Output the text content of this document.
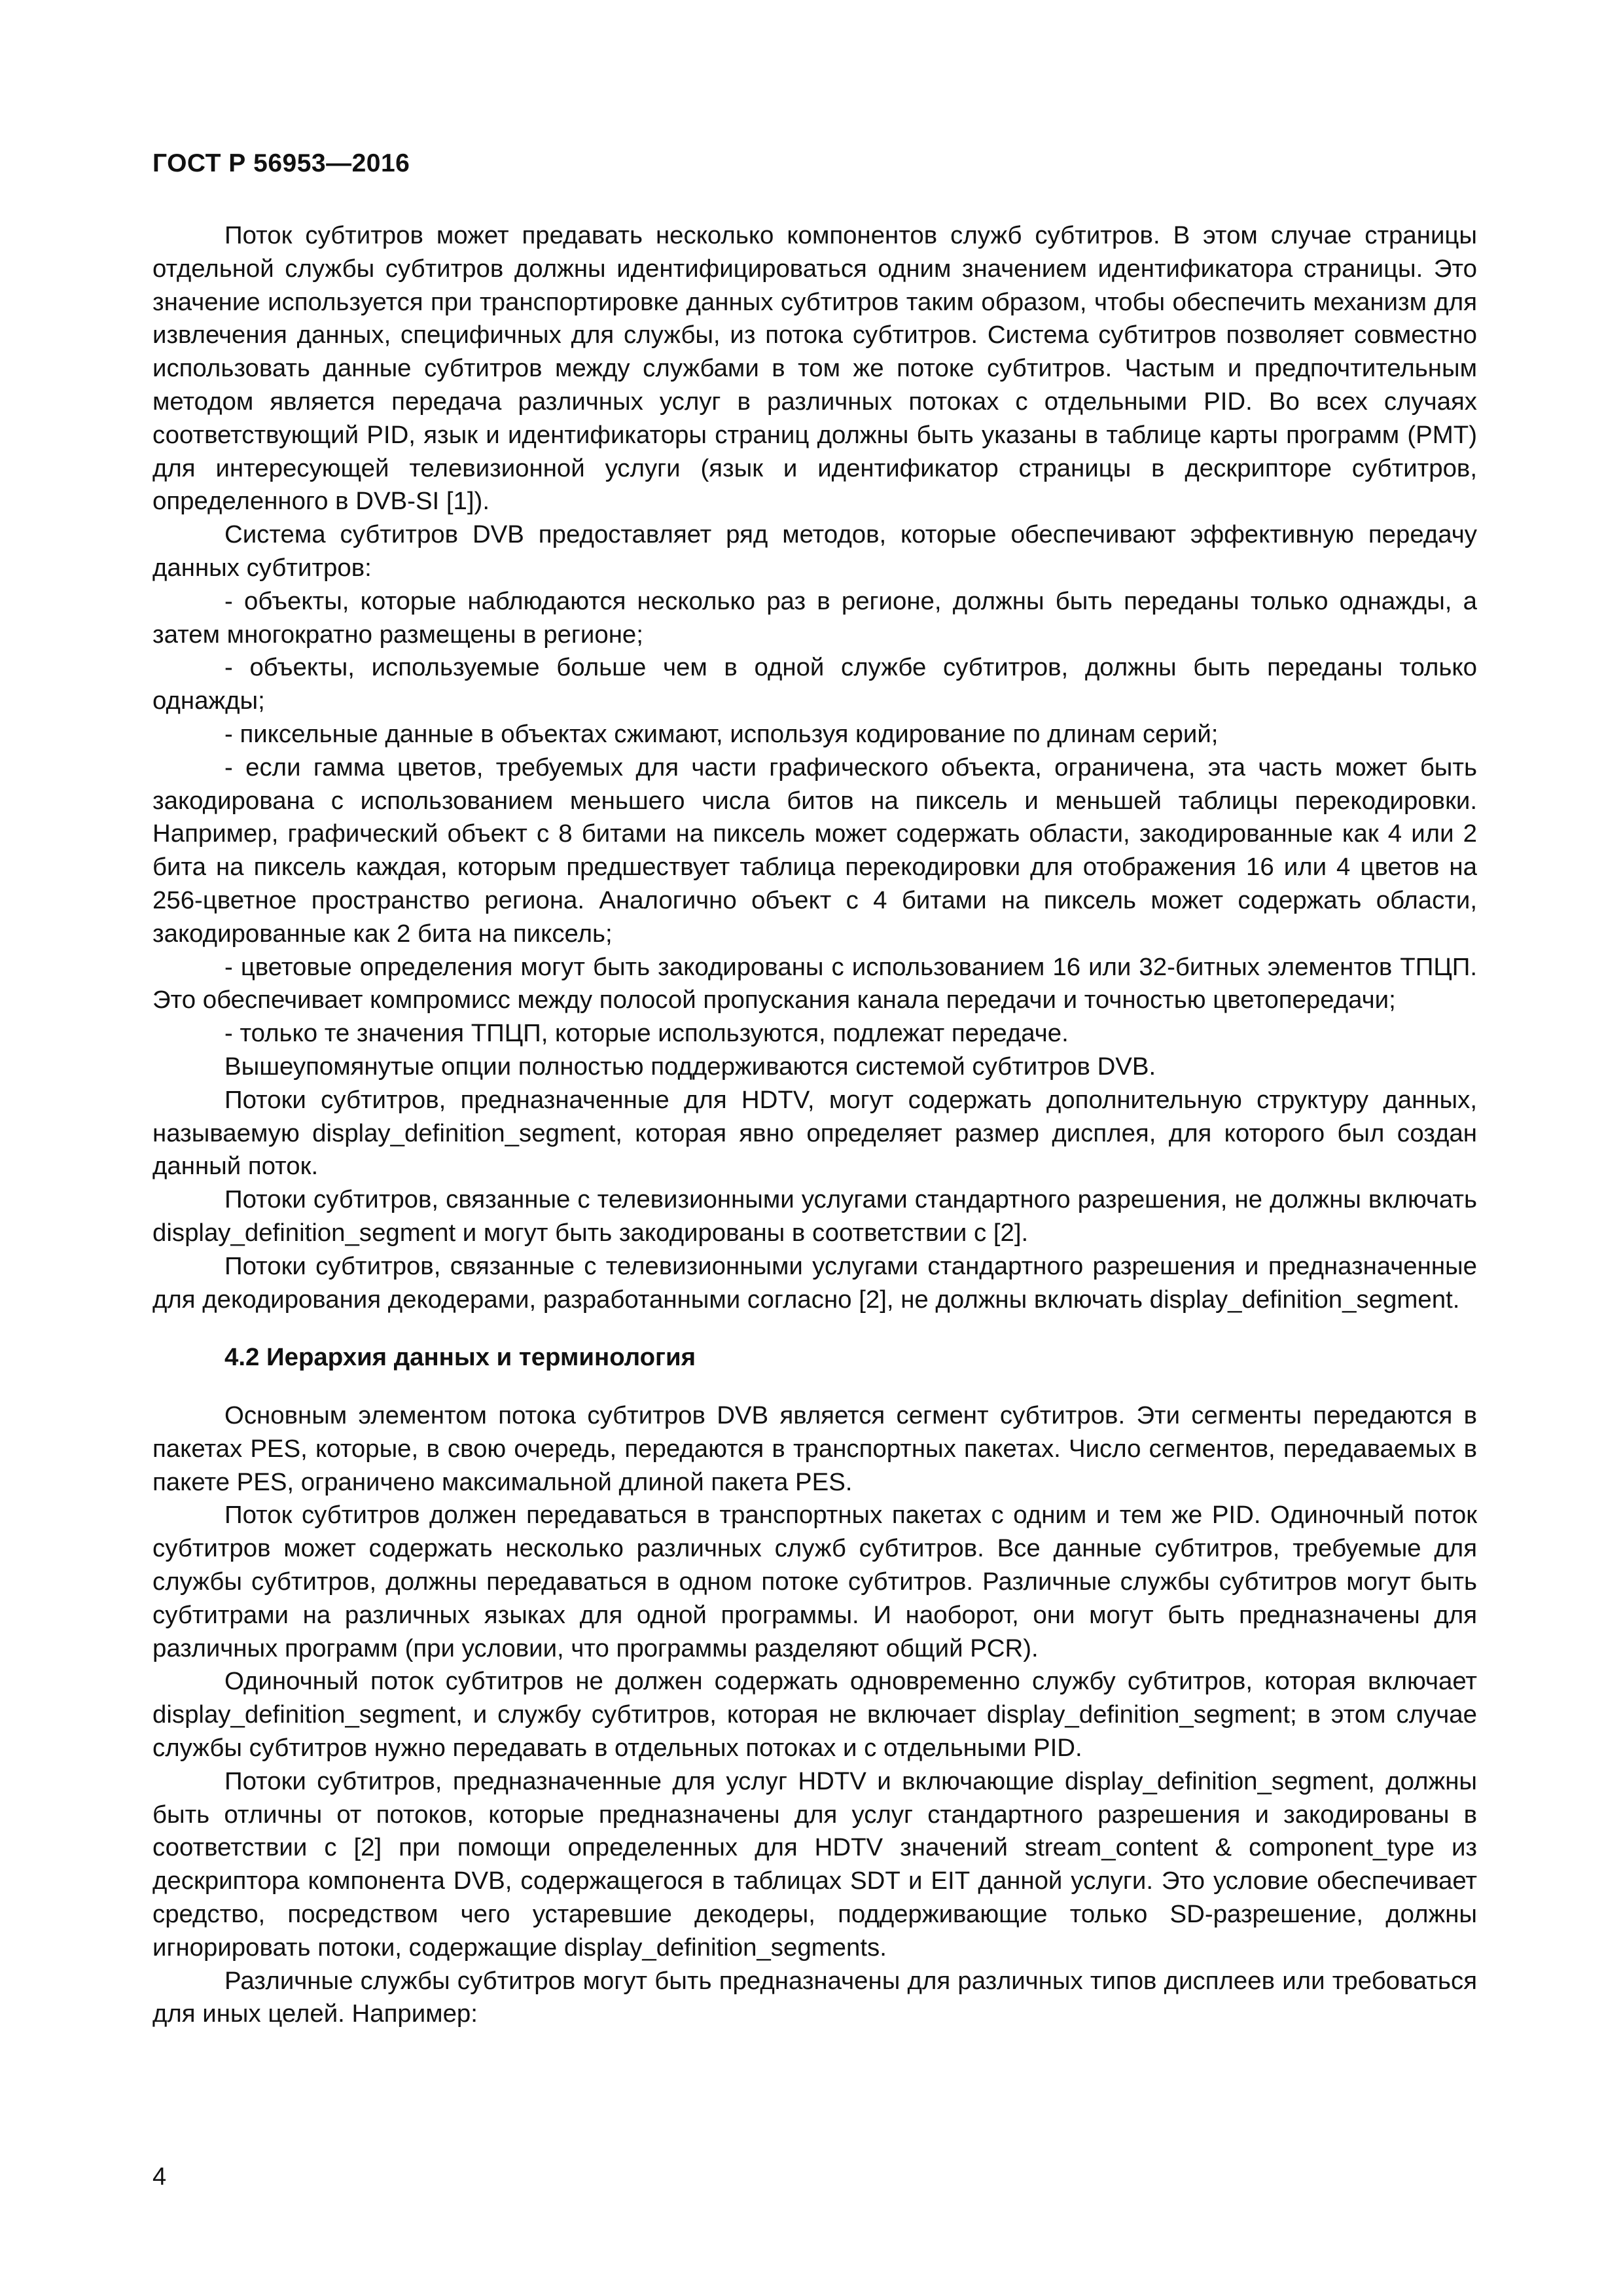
ГОСТ Р 56953—2016

Поток субтитров может предавать несколько компонентов служб субтитров. В этом случае страницы отдельной службы субтитров должны идентифицироваться одним значением идентификатора страницы. Это значение используется при транспортировке данных субтитров таким образом, чтобы обеспечить механизм для извлечения данных, специфичных для службы, из потока субтитров. Система субтитров позволяет совместно использовать данные субтитров между службами в том же потоке субтитров. Частым и предпочтительным методом является передача различных услуг в различных потоках с отдельными PID. Во всех случаях соответствующий PID, язык и идентификаторы страниц должны быть указаны в таблице карты программ (PMT) для интересующей телевизионной услуги (язык и идентификатор страницы в дескрипторе субтитров, определенного в DVB-SI [1]).

Система субтитров DVB предоставляет ряд методов, которые обеспечивают эффективную передачу данных субтитров:

- объекты, которые наблюдаются несколько раз в регионе, должны быть переданы только однажды, а затем многократно размещены в регионе;

- объекты, используемые больше чем в одной службе субтитров, должны быть переданы только однажды;

- пиксельные данные в объектах сжимают, используя кодирование по длинам серий;

- если гамма цветов, требуемых для части графического объекта, ограничена, эта часть может быть закодирована с использованием меньшего числа битов на пиксель и меньшей таблицы перекодировки. Например, графический объект с 8 битами на пиксель может содержать области, закодированные как 4 или 2 бита на пиксель каждая, которым предшествует таблица перекодировки для отображения 16 или 4 цветов на 256-цветное пространство региона. Аналогично объект с 4 битами на пиксель может содержать области, закодированные как 2 бита на пиксель;

- цветовые определения могут быть закодированы с использованием 16 или 32-битных элементов ТПЦП. Это обеспечивает компромисс между полосой пропускания канала передачи и точностью цветопередачи;

- только те значения ТПЦП, которые используются, подлежат передаче.

Вышеупомянутые опции полностью поддерживаются системой субтитров DVB.

Потоки субтитров, предназначенные для HDTV, могут содержать дополнительную структуру данных, называемую display_definition_segment, которая явно определяет размер дисплея, для которого был создан данный поток.

Потоки субтитров, связанные с телевизионными услугами стандартного разрешения, не должны включать display_definition_segment и могут быть закодированы в соответствии с [2].

Потоки субтитров, связанные с телевизионными услугами стандартного разрешения и предназначенные для декодирования декодерами, разработанными согласно [2], не должны включать display_definition_segment.

4.2 Иерархия данных и терминология

Основным элементом потока субтитров DVB является сегмент субтитров. Эти сегменты передаются в пакетах PES, которые, в свою очередь, передаются в транспортных пакетах. Число сегментов, передаваемых в пакете PES, ограничено максимальной длиной пакета PES.

Поток субтитров должен передаваться в транспортных пакетах с одним и тем же PID. Одиночный поток субтитров может содержать несколько различных служб субтитров. Все данные субтитров, требуемые для службы субтитров, должны передаваться в одном потоке субтитров. Различные службы субтитров могут быть субтитрами на различных языках для одной программы. И наоборот, они могут быть предназначены для различных программ (при условии, что программы разделяют общий PCR).

Одиночный поток субтитров не должен содержать одновременно службу субтитров, которая включает display_definition_segment, и службу субтитров, которая не включает display_definition_segment; в этом случае службы субтитров нужно передавать в отдельных потоках и с отдельными PID.

Потоки субтитров, предназначенные для услуг HDTV и включающие display_definition_segment, должны быть отличны от потоков, которые предназначены для услуг стандартного разрешения и закодированы в соответствии с [2] при помощи определенных для HDTV значений stream_content & component_type из дескриптора компонента DVB, содержащегося в таблицах SDT и EIT данной услуги. Это условие обеспечивает средство, посредством чего устаревшие декодеры, поддерживающие только SD-разрешение, должны игнорировать потоки, содержащие display_definition_segments.

Различные службы субтитров могут быть предназначены для различных типов дисплеев или требоваться для иных целей. Например:

4
